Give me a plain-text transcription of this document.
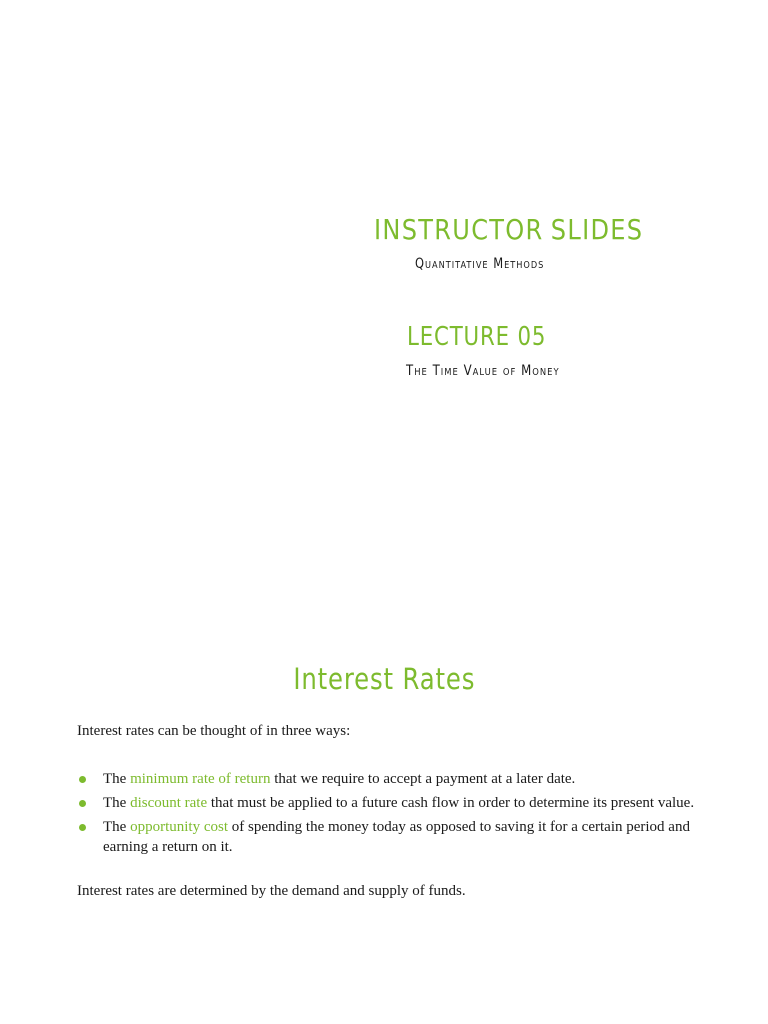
INSTRUCTOR SLIDES
Quantitative Methods
LECTURE 05
The Time Value of Money
Interest Rates

Interest rates can be thought of in three ways:

The minimum rate of return that we require to accept a payment at a later date.
The discount rate that must be applied to a future cash flow in order to determine its present value.
The opportunity cost of spending the money today as opposed to saving it for a certain period and earning a return on it.

Interest rates are determined by the demand and supply of funds.
